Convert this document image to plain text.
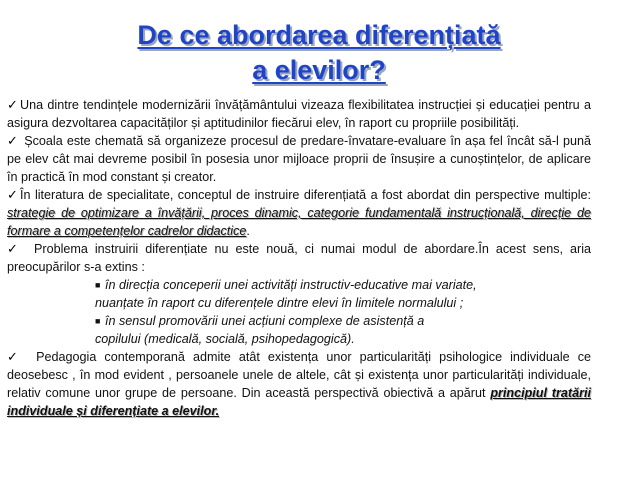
De ce abordarea diferențiată
a elevilor?

✓ Una dintre tendințele modernizării învățământului vizeaza flexibilitatea instrucției și educației pentru a asigura dezvoltarea capacităților și aptitudinilor fiecărui elev, în raport cu propriile posibilități.

✓ Școala este chemată să organizeze procesul de predare-învatare-evaluare în așa fel încât să-l pună pe elev cât mai devreme posibil în posesia unor mijloace proprii de însușire a cunoștințelor, de aplicare în practică în mod constant și creator.

✓ În literatura de specialitate, conceptul de instruire diferențiată a fost abordat din perspective multiple: strategie de optimizare a învățării, proces dinamic, categorie fundamentală instrucțională, direcție de formare a competențelor cadrelor didactice.

✓ Problema instruirii diferențiate nu este nouă, ci numai modul de abordare.În acest sens, aria preocupărilor s-a extins :

■ în direcția conceperii unei activități instructiv-educative mai variate,

nuanțate în raport cu diferențele dintre elevi în limitele normalului ;

■ în sensul promovării unei acțiuni complexe de asistență a

copilului (medicală, socială, psihopedagogică).

✓ Pedagogia contemporană admite atât existența unor particularități psihologice individuale ce deosebesc , în mod evident , persoanele unele de altele, cât și existența unor particularități individuale, relativ comune unor grupe de persoane. Din această perspectivă obiectivă a apărut principiul tratării individuale și diferențiate a elevilor.
